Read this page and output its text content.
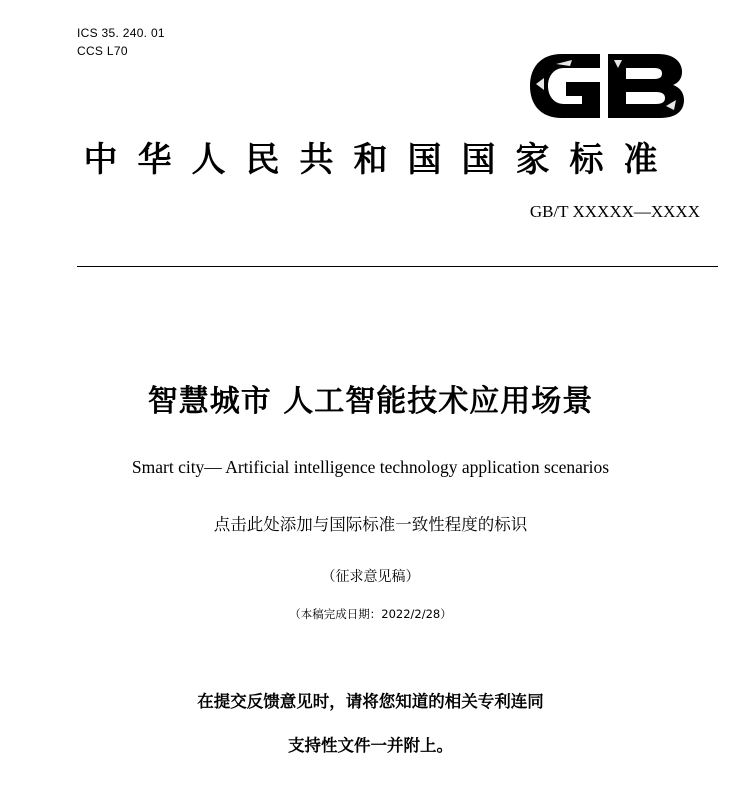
ICS 35. 240. 01
CCS L70
中华人民共和国国家标准
GB/T XXXXX—XXXX
智慧城市 人工智能技术应用场景
Smart city— Artificial intelligence technology application scenarios
点击此处添加与国际标准一致性程度的标识
（征求意见稿）
（本稿完成日期：2022/2/28）
在提交反馈意见时，请将您知道的相关专利连同
支持性文件一并附上。
